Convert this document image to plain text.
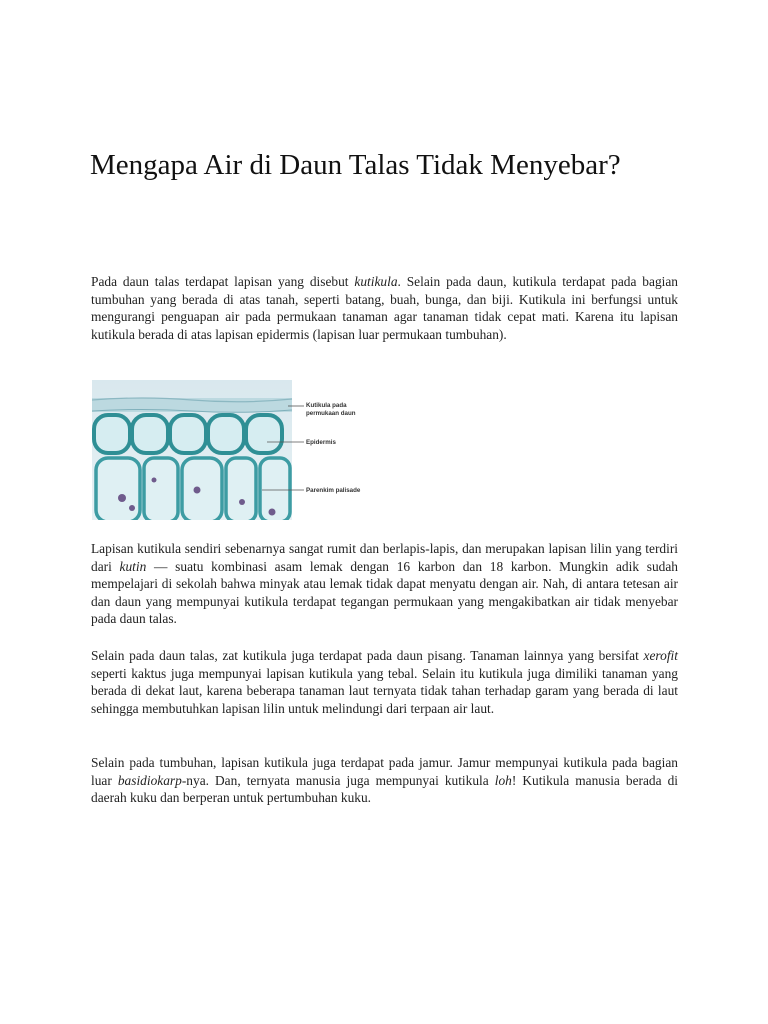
Mengapa Air di Daun Talas Tidak Menyebar?

Pada daun talas terdapat lapisan yang disebut kutikula. Selain pada daun, kutikula terdapat pada bagian tumbuhan yang berada di atas tanah, seperti batang, buah, bunga, dan biji. Kutikula ini berfungsi untuk mengurangi penguapan air pada permukaan tanaman agar tanaman tidak cepat mati. Karena itu lapisan kutikula berada di atas lapisan epidermis (lapisan luar permukaan tumbuhan).

Kutikula pada
permukaan daun
Epidermis
Parenkim palisade

Lapisan kutikula sendiri sebenarnya sangat rumit dan berlapis-lapis, dan merupakan lapisan lilin yang terdiri dari kutin — suatu kombinasi asam lemak dengan 16 karbon dan 18 karbon. Mungkin adik sudah mempelajari di sekolah bahwa minyak atau lemak tidak dapat menyatu dengan air. Nah, di antara tetesan air dan daun yang mempunyai kutikula terdapat tegangan permukaan yang mengakibatkan air tidak menyebar pada daun talas.

Selain pada daun talas, zat kutikula juga terdapat pada daun pisang. Tanaman lainnya yang bersifat xerofit seperti kaktus juga mempunyai lapisan kutikula yang tebal. Selain itu kutikula juga dimiliki tanaman yang berada di dekat laut, karena beberapa tanaman laut ternyata tidak tahan terhadap garam yang berada di laut sehingga membutuhkan lapisan lilin untuk melindungi dari terpaan air laut.

Selain pada tumbuhan, lapisan kutikula juga terdapat pada jamur. Jamur mempunyai kutikula pada bagian luar basidiokarp-nya. Dan, ternyata manusia juga mempunyai kutikula loh! Kutikula manusia berada di daerah kuku dan berperan untuk pertumbuhan kuku.
